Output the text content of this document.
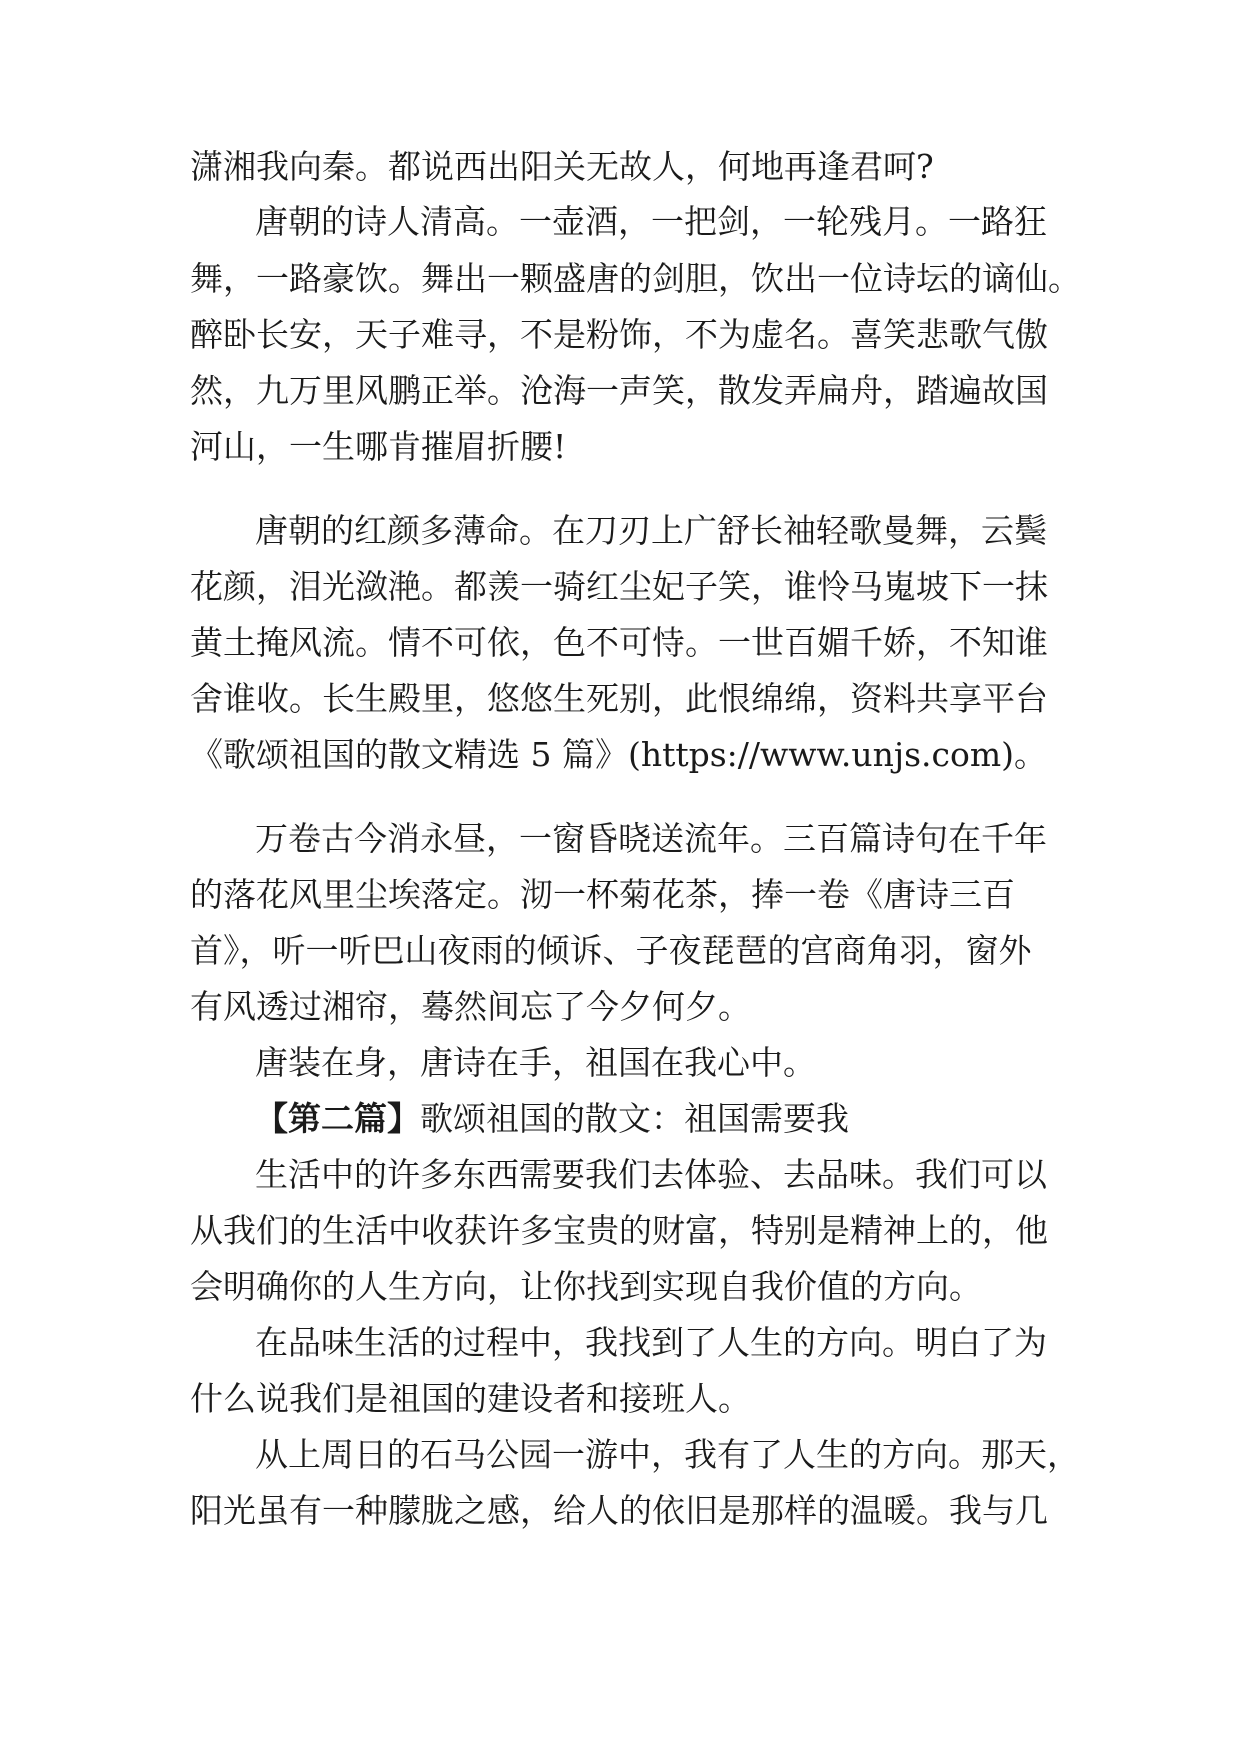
潇湘我向秦。都说西出阳关无故人，何地再逢君呵?
唐朝的诗人清高。一壶酒，一把剑，一轮残月。一路狂
舞，一路豪饮。舞出一颗盛唐的剑胆，饮出一位诗坛的谪仙。
醉卧长安，天子难寻，不是粉饰，不为虚名。喜笑悲歌气傲
然，九万里风鹏正举。沧海一声笑，散发弄扁舟，踏遍故国
河山，一生哪肯摧眉折腰!
唐朝的红颜多薄命。在刀刃上广舒长袖轻歌曼舞，云鬓
花颜，泪光潋滟。都羡一骑红尘妃子笑，谁怜马嵬坡下一抹
黄土掩风流。情不可依，色不可恃。一世百媚千娇，不知谁
舍谁收。长生殿里，悠悠生死别，此恨绵绵，资料共享平台
《歌颂祖国的散文精选 5 篇》(https://www.unjs.com)。
万卷古今消永昼，一窗昏晓送流年。三百篇诗句在千年
的落花风里尘埃落定。沏一杯菊花茶，捧一卷《唐诗三百
首》，听一听巴山夜雨的倾诉、子夜琵琶的宫商角羽，窗外
有风透过湘帘，蓦然间忘了今夕何夕。
唐装在身，唐诗在手，祖国在我心中。
【第二篇】歌颂祖国的散文：祖国需要我
生活中的许多东西需要我们去体验、去品味。我们可以
从我们的生活中收获许多宝贵的财富，特别是精神上的，他
会明确你的人生方向，让你找到实现自我价值的方向。
在品味生活的过程中，我找到了人生的方向。明白了为
什么说我们是祖国的建设者和接班人。
从上周日的石马公园一游中，我有了人生的方向。那天，
阳光虽有一种朦胧之感，给人的依旧是那样的温暖。我与几
